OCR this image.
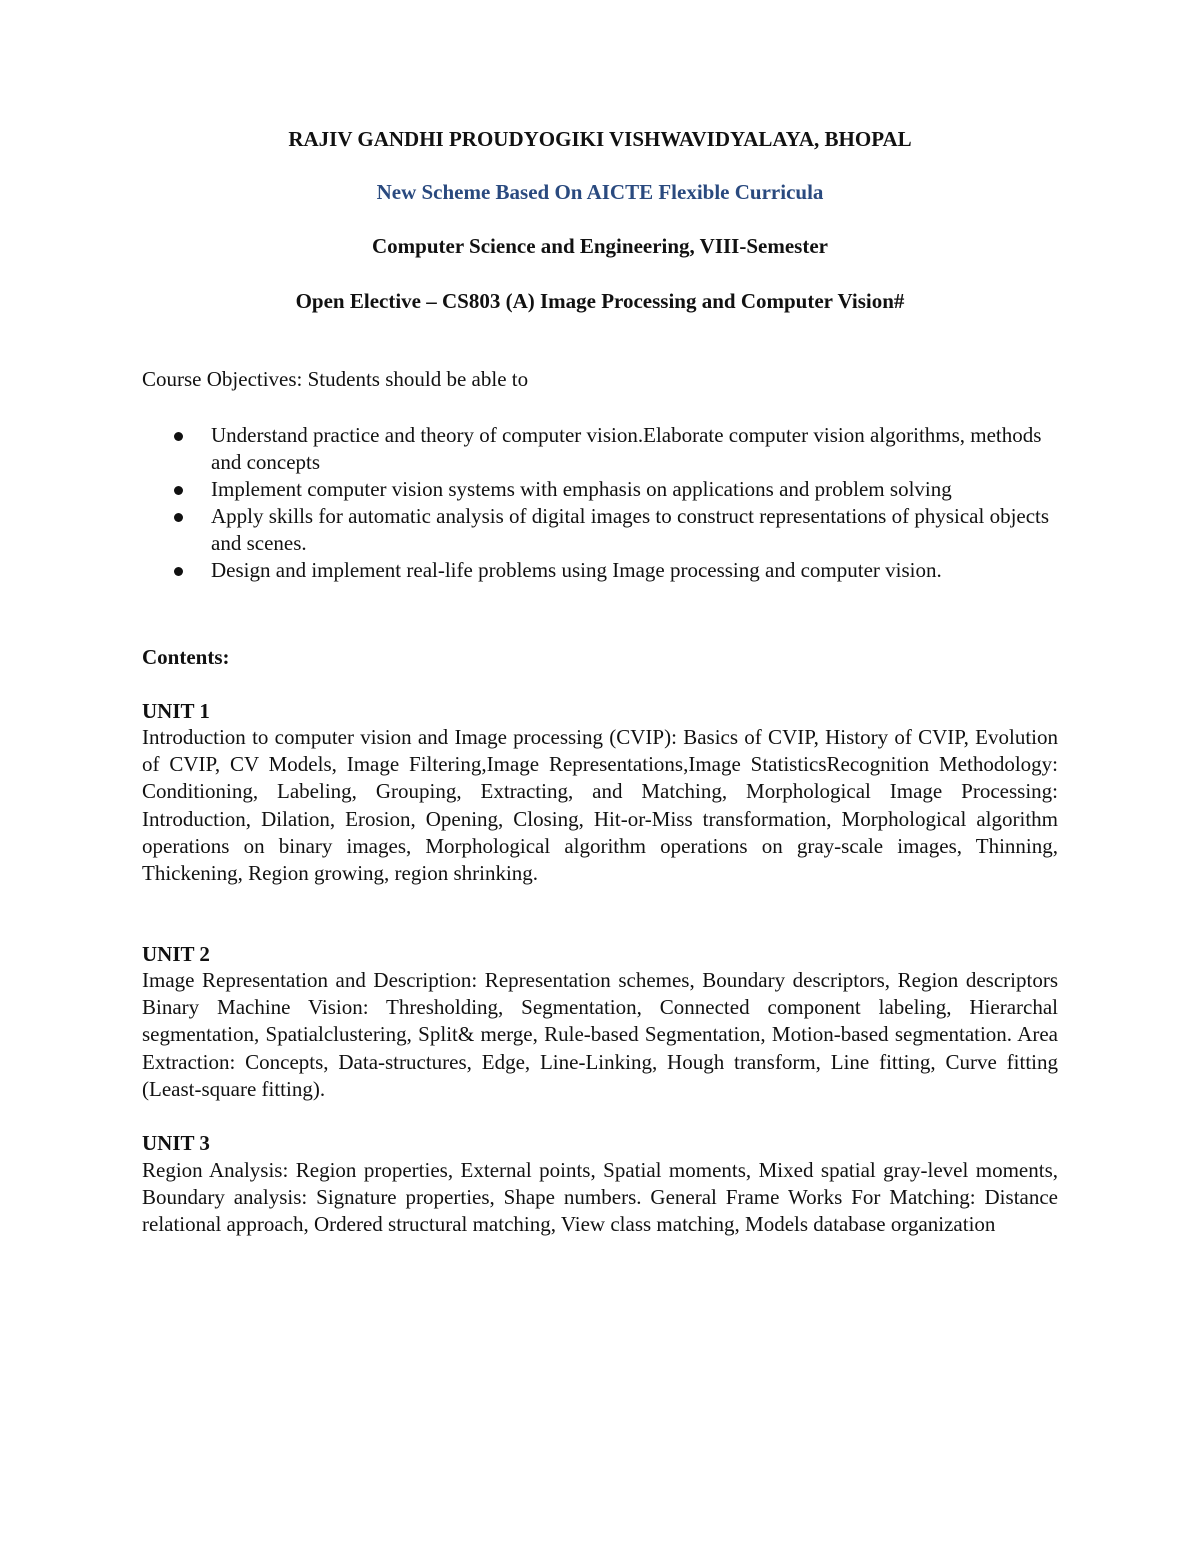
RAJIV GANDHI PROUDYOGIKI VISHWAVIDYALAYA, BHOPAL
New Scheme Based On AICTE Flexible Curricula
Computer Science and Engineering, VIII-Semester
Open Elective – CS803 (A) Image Processing and Computer Vision#
Course Objectives: Students should be able to
Understand practice and theory of computer vision.Elaborate computer vision algorithms, methods and concepts
Implement computer vision systems with emphasis on applications and problem solving
Apply skills for automatic analysis of digital images to construct representations of physical objects and scenes.
Design and implement real-life problems using Image processing and computer vision.
Contents:
UNIT 1

Introduction to computer vision and Image processing (CVIP): Basics of CVIP, History of CVIP, Evolution of CVIP, CV Models, Image Filtering,Image Representations,Image StatisticsRecognition Methodology: Conditioning, Labeling, Grouping, Extracting, and Matching, Morphological Image Processing: Introduction, Dilation, Erosion, Opening, Closing, Hit-or-Miss transformation, Morphological algorithm operations on binary images, Morphological algorithm operations on gray-scale images, Thinning, Thickening, Region growing, region shrinking.

UNIT 2

Image Representation and Description: Representation schemes, Boundary descriptors, Region descriptors Binary Machine Vision: Thresholding, Segmentation, Connected component labeling, Hierarchal segmentation, Spatialclustering, Split& merge, Rule-based Segmentation, Motion-based segmentation. Area Extraction: Concepts, Data-structures, Edge, Line-Linking, Hough transform, Line fitting, Curve fitting (Least-square fitting).

UNIT 3

Region Analysis: Region properties, External points, Spatial moments, Mixed spatial gray-level moments, Boundary analysis: Signature properties, Shape numbers. General Frame Works For Matching: Distance relational approach, Ordered structural matching, View class matching, Models database organization
